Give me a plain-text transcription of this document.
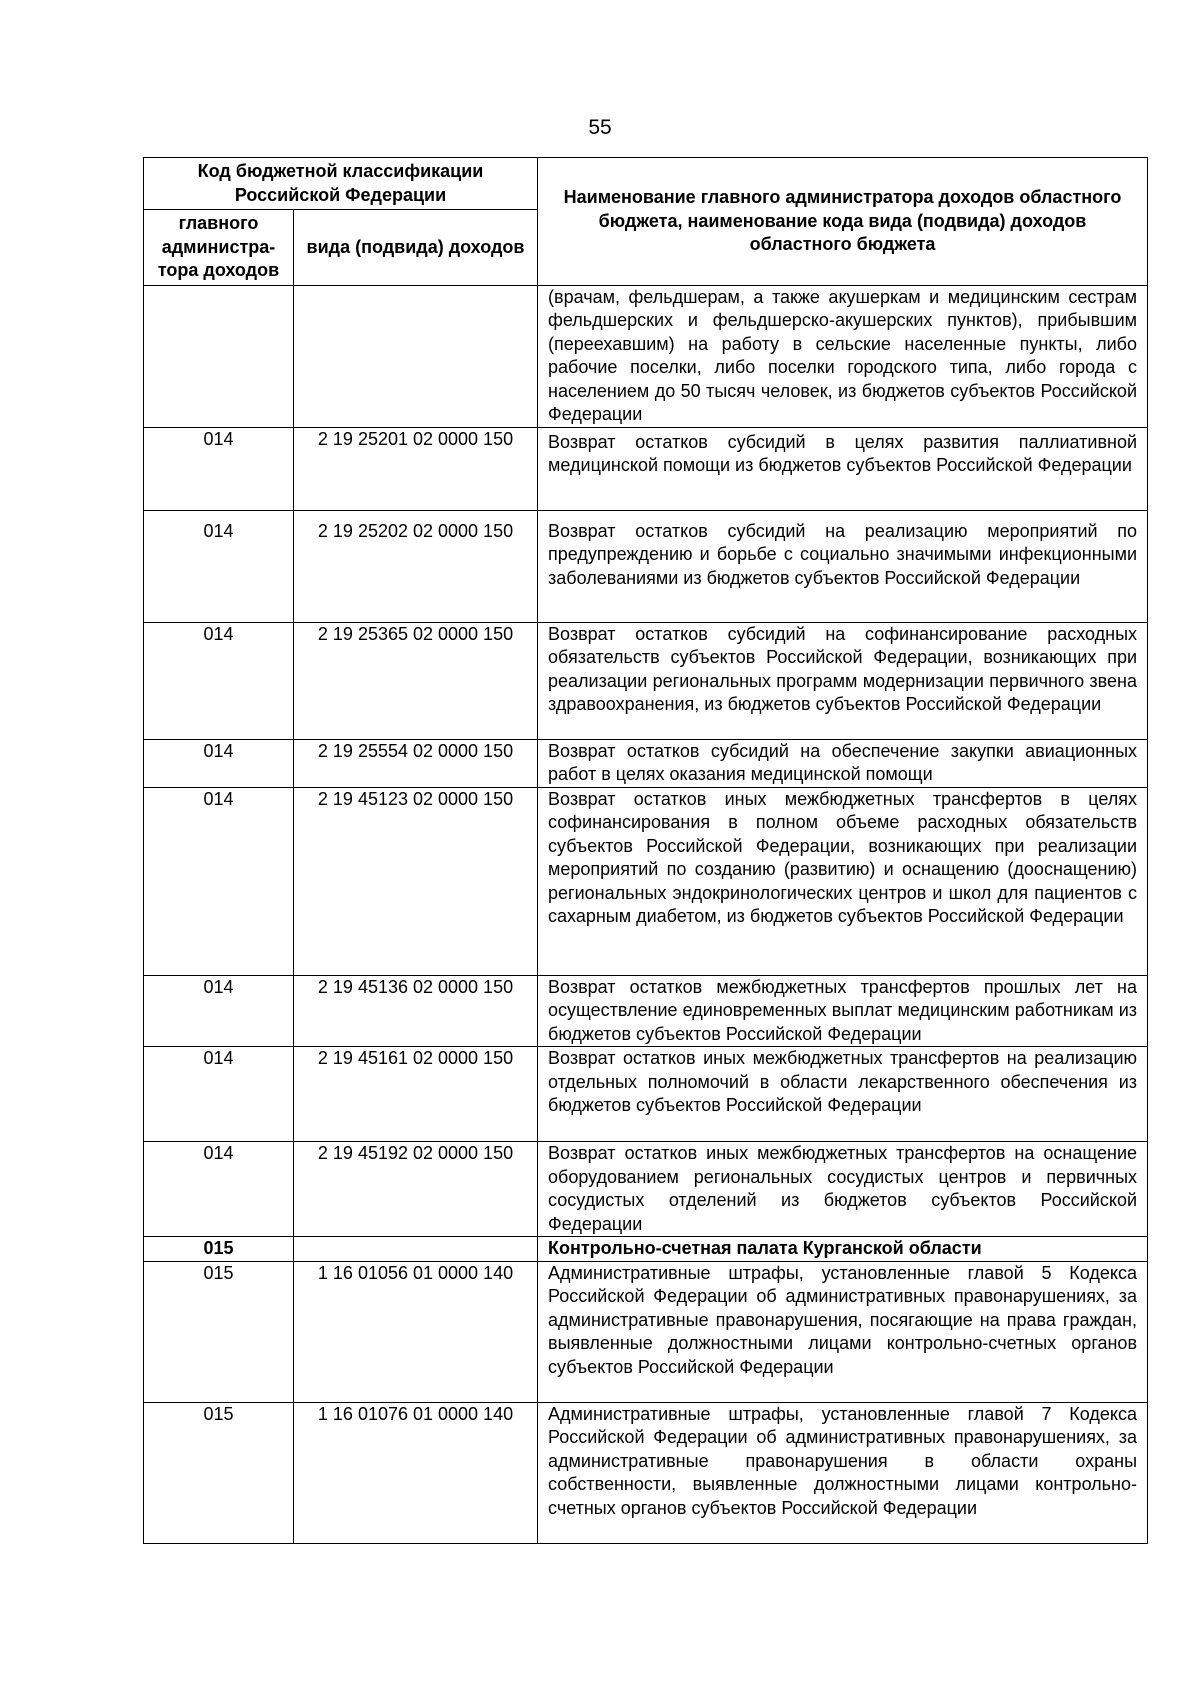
55
Код бюджетной классификации Российской Федерации		Наименование главного администратора доходов областного бюджета, наименование кода вида (подвида) доходов областного бюджета
главного администра-тора доходов	вида (подвида) доходов	
		(врачам, фельдшерам, а также акушеркам и медицинским сестрам фельдшерских и фельдшерско-акушерских пунктов), прибывшим (переехавшим) на работу в сельские населенные пункты, либо рабочие поселки, либо поселки городского типа, либо города с населением до 50 тысяч человек, из бюджетов субъектов Российской Федерации
014	2 19 25201 02 0000 150	Возврат остатков субсидий в целях развития паллиативной медицинской помощи из бюджетов субъектов Российской Федерации
014	2 19 25202 02 0000 150	Возврат остатков субсидий на реализацию мероприятий по предупреждению и борьбе с социально значимыми инфекционными заболеваниями из бюджетов субъектов Российской Федерации
014	2 19 25365 02 0000 150	Возврат остатков субсидий на софинансирование расходных обязательств субъектов Российской Федерации, возникающих при реализации региональных программ модернизации первичного звена здравоохранения, из бюджетов субъектов Российской Федерации
014	2 19 25554 02 0000 150	Возврат остатков субсидий на обеспечение закупки авиационных работ в целях оказания медицинской помощи
014	2 19 45123 02 0000 150	Возврат остатков иных межбюджетных трансфертов в целях софинансирования в полном объеме расходных обязательств субъектов Российской Федерации, возникающих при реализации мероприятий по созданию (развитию) и оснащению (дооснащению) региональных эндокринологических центров и школ для пациентов с сахарным диабетом, из бюджетов субъектов Российской Федерации
014	2 19 45136 02 0000 150	Возврат остатков межбюджетных трансфертов прошлых лет на осуществление единовременных выплат медицинским работникам из бюджетов субъектов Российской Федерации
014	2 19 45161 02 0000 150	Возврат остатков иных межбюджетных трансфертов на реализацию отдельных полномочий в области лекарственного обеспечения из бюджетов субъектов Российской Федерации
014	2 19 45192 02 0000 150	Возврат остатков иных межбюджетных трансфертов на оснащение оборудованием региональных сосудистых центров и первичных сосудистых отделений из бюджетов субъектов Российской Федерации
015		Контрольно-счетная палата Курганской области
015	1 16 01056 01 0000 140	Административные штрафы, установленные главой 5 Кодекса Российской Федерации об административных правонарушениях, за административные правонарушения, посягающие на права граждан, выявленные должностными лицами контрольно-счетных органов субъектов Российской Федерации
015	1 16 01076 01 0000 140	Административные штрафы, установленные главой 7 Кодекса Российской Федерации об административных правонарушениях, за административные правонарушения в области охраны собственности, выявленные должностными лицами контрольно-счетных органов субъектов Российской Федерации
